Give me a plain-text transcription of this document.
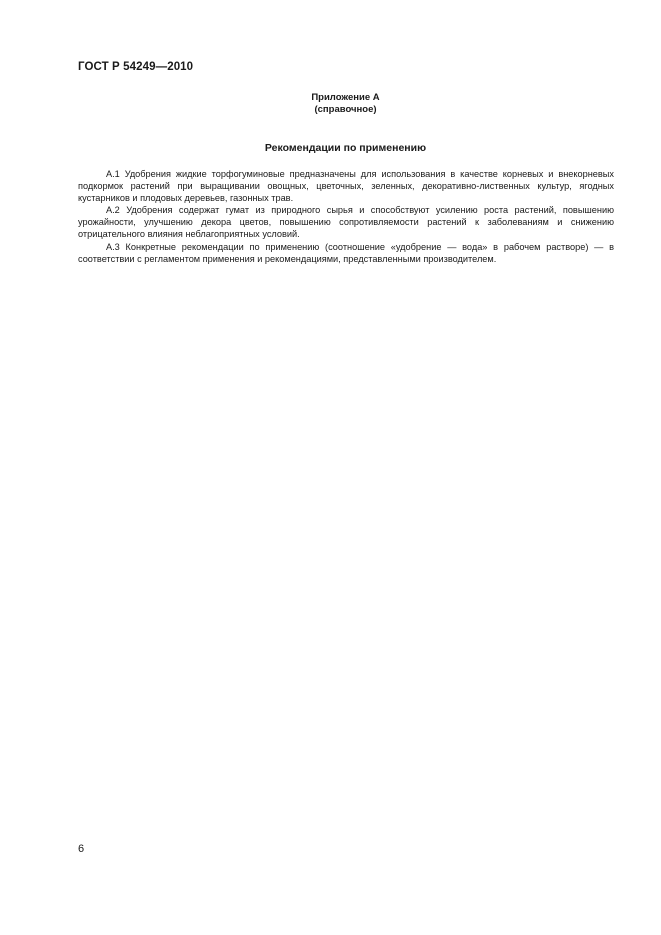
ГОСТ Р 54249—2010
Приложение А
(справочное)
Рекомендации по применению

А.1 Удобрения жидкие торфогуминовые предназначены для использования в качестве корневых и внекорневых подкормок растений при выращивании овощных, цветочных, зеленных, декоративно-лиственных культур, ягодных кустарников и плодовых деревьев, газонных трав.

А.2 Удобрения содержат гумат из природного сырья и способствуют усилению роста растений, повышению урожайности, улучшению декора цветов, повышению сопротивляемости растений к заболеваниям и снижению отрицательного влияния неблагоприятных условий.

А.3 Конкретные рекомендации по применению (соотношение «удобрение — вода» в рабочем растворе) — в соответствии с регламентом применения и рекомендациями, представленными производителем.

6
